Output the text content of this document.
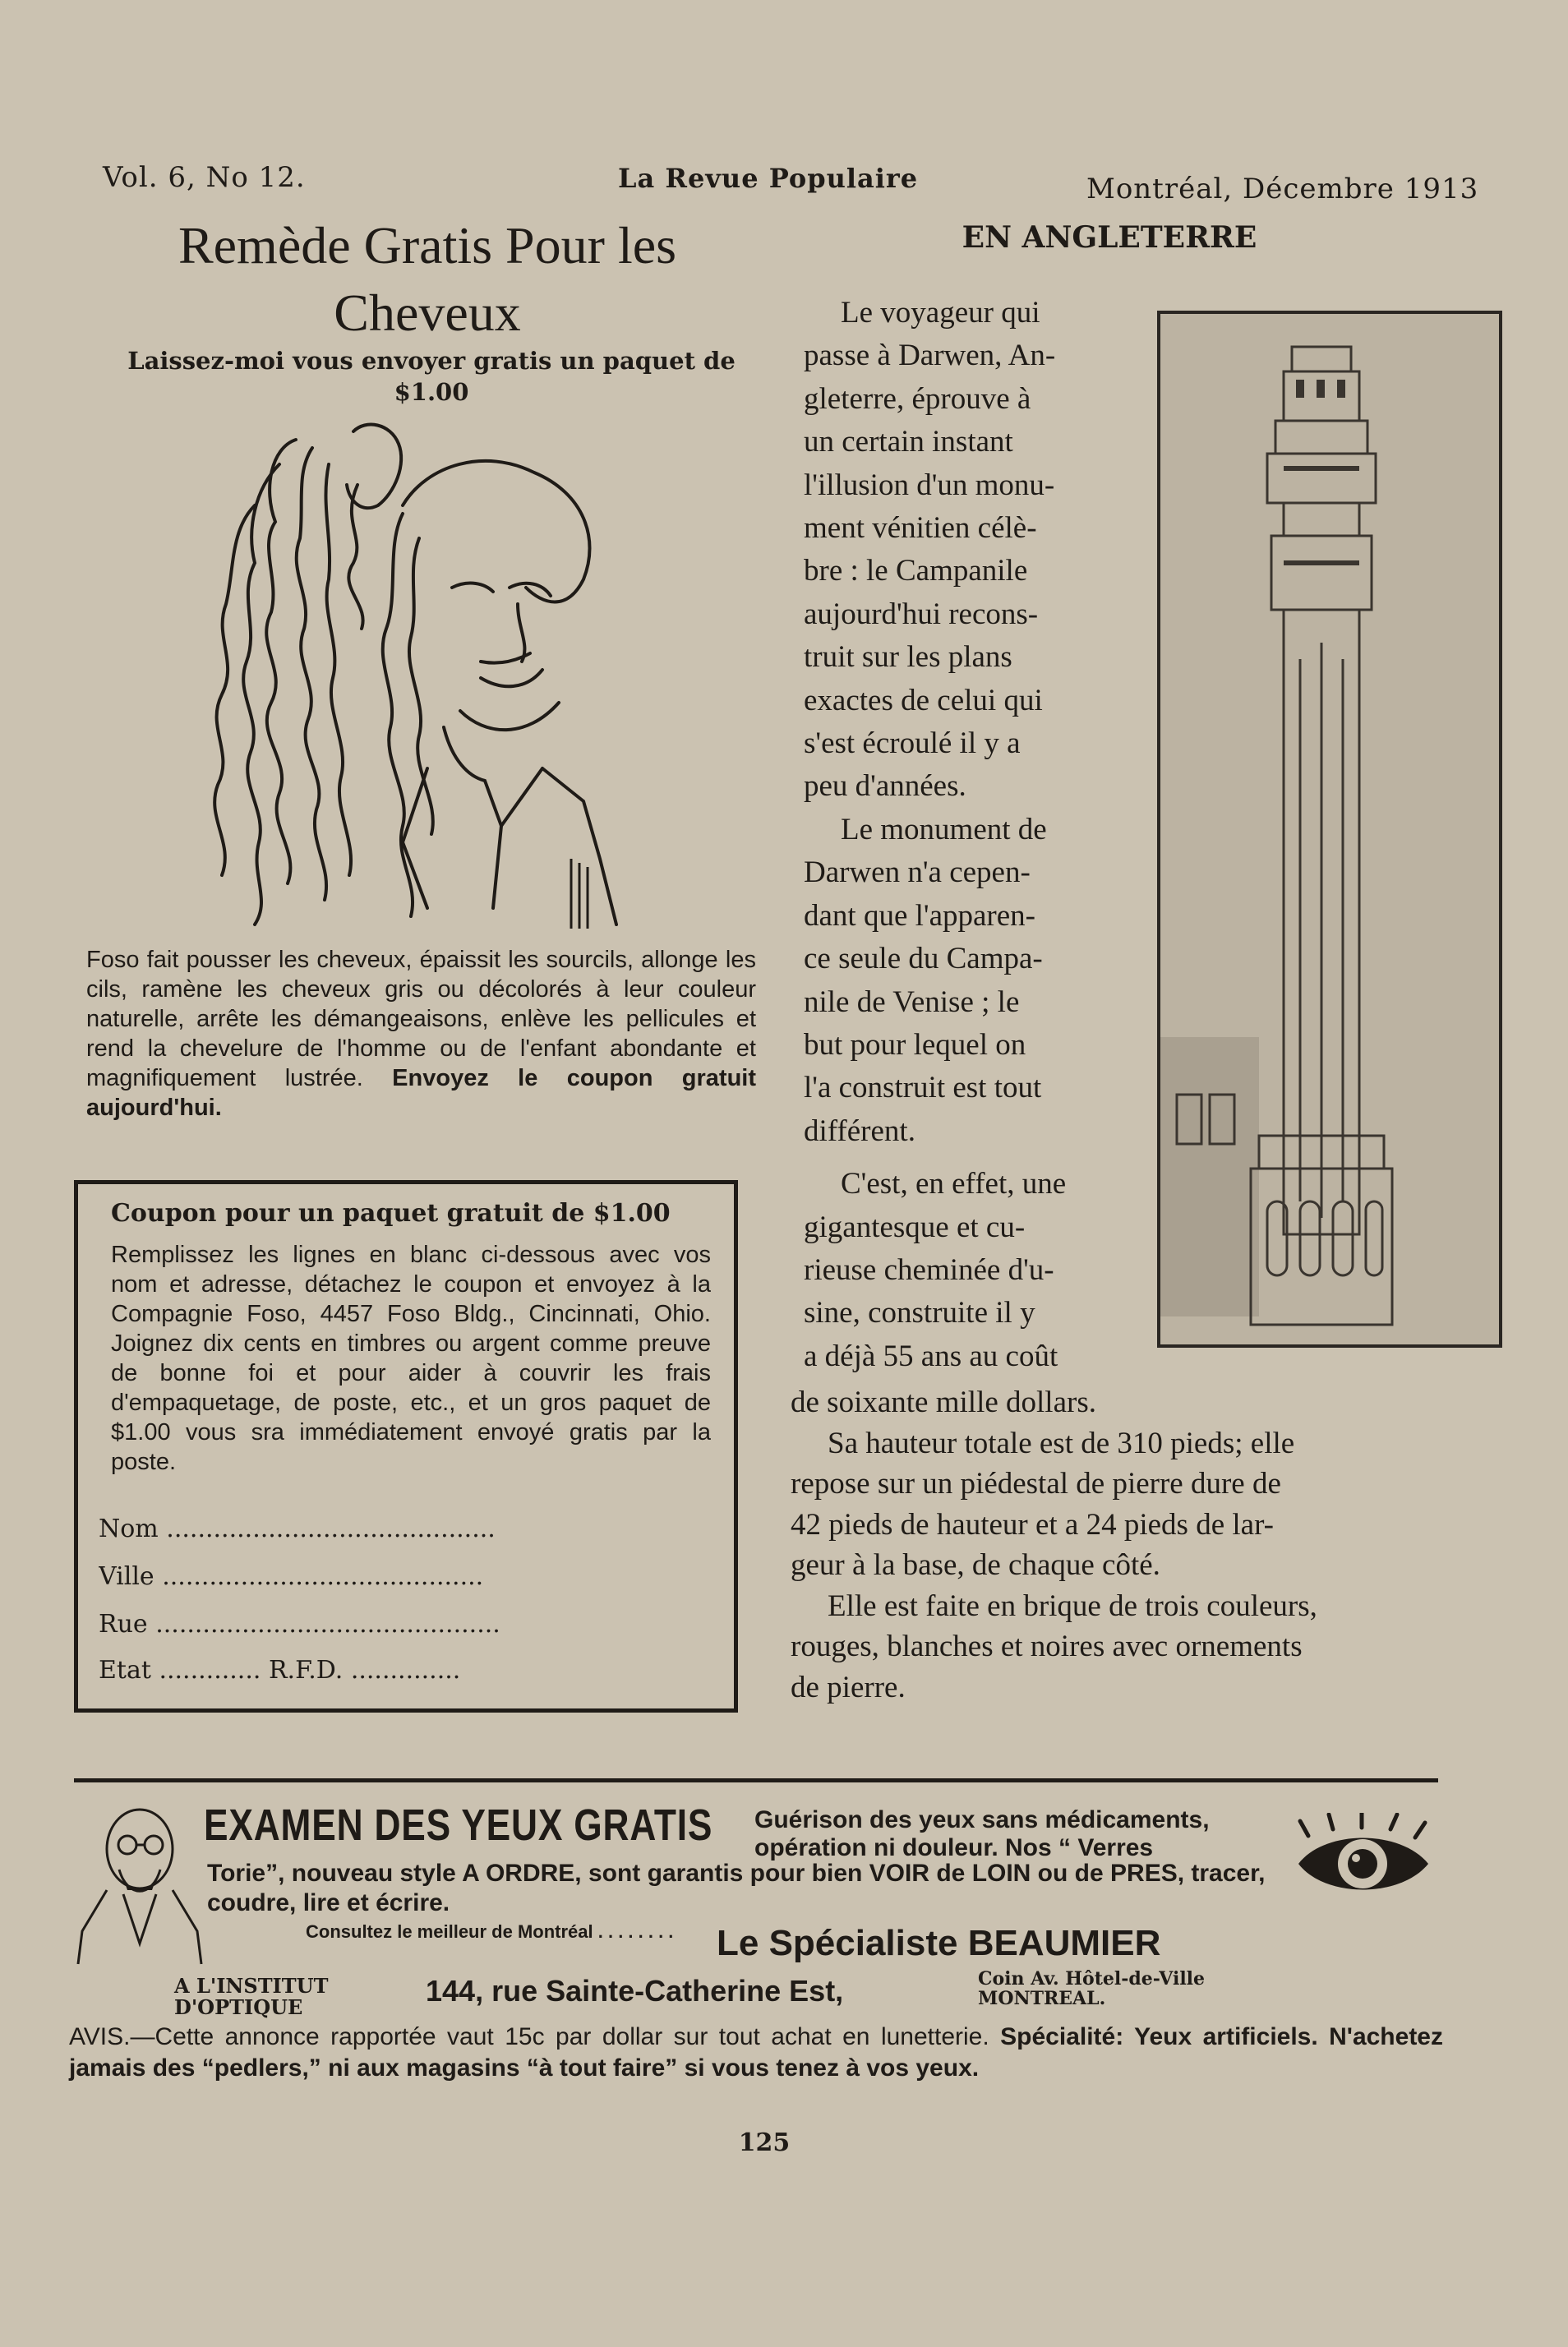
Vol. 6, No 12.	La Revue Populaire	Montréal, Décembre 1913
Remède Gratis Pour les Cheveux
Laissez-moi vous envoyer gratis un paquet de $1.00
Foso fait pousser les cheveux, épaissit les sourcils, allonge les cils, ramène les cheveux gris ou décolorés à leur couleur naturelle, arrête les démangeaisons, enlève les pellicules et rend la chevelure de l'homme ou de l'enfant abondante et magnifiquement lustrée. Envoyez le coupon gratuit aujourd'hui.
Coupon pour un paquet gratuit de $1.00
Remplissez les lignes en blanc ci-dessous avec vos nom et adresse, détachez le coupon et envoyez à la Compagnie Foso, 4457 Foso Bldg., Cincinnati, Ohio. Joignez dix cents en timbres ou argent comme preuve de bonne foi et pour aider à couvrir les frais d'empaquetage, de poste, etc., et un gros paquet de $1.00 vous sra immédiatement envoyé gratis par la poste.
Nom ..........................................
Ville .........................................
Rue ............................................
Etat ............. R.F.D. ..............
EN ANGLETERRE

Le voyageur qui

passe à Darwen, An-

gleterre, éprouve à

un certain instant

l'illusion d'un monu-

ment vénitien célè-

bre : le Campanile

aujourd'hui recons-

truit sur les plans

exactes de celui qui

s'est écroulé il y a

peu d'années.

Le monument de

Darwen n'a cepen-

dant que l'apparen-

ce seule du Campa-

nile de Venise ; le

but pour lequel on

l'a construit est tout

différent.

C'est, en effet, une

gigantesque et cu-

rieuse cheminée d'u-

sine, construite il y

a déjà 55 ans au coût

de soixante mille dollars.

Sa hauteur totale est de 310 pieds; elle

repose sur un piédestal de pierre dure de

42 pieds de hauteur et a 24 pieds de lar-

geur à la base, de chaque côté.

Elle est faite en brique de trois couleurs,

rouges, blanches et noires avec ornements

de pierre.

EXAMEN DES YEUX GRATIS Guérison des yeux sans médicaments, opération ni douleur. Nos “ Verres
Torie”, nouveau style A ORDRE, sont garantis pour bien VOIR de LOIN ou de PRES, tracer, coudre, lire et écrire.
Consultez le meilleur de Montréal . . . . . . . .	Le Spécialiste BEAUMIER
A L'INSTITUT D'OPTIQUE	144, rue Sainte-Catherine Est,	Coin Av. Hôtel-de-Ville MONTREAL.
AVIS.—Cette annonce rapportée vaut 15c par dollar sur tout achat en lunetterie. Spécialité: Yeux artificiels. N'achetez jamais des “pedlers,” ni aux magasins “à tout faire” si vous tenez à vos yeux.
125
